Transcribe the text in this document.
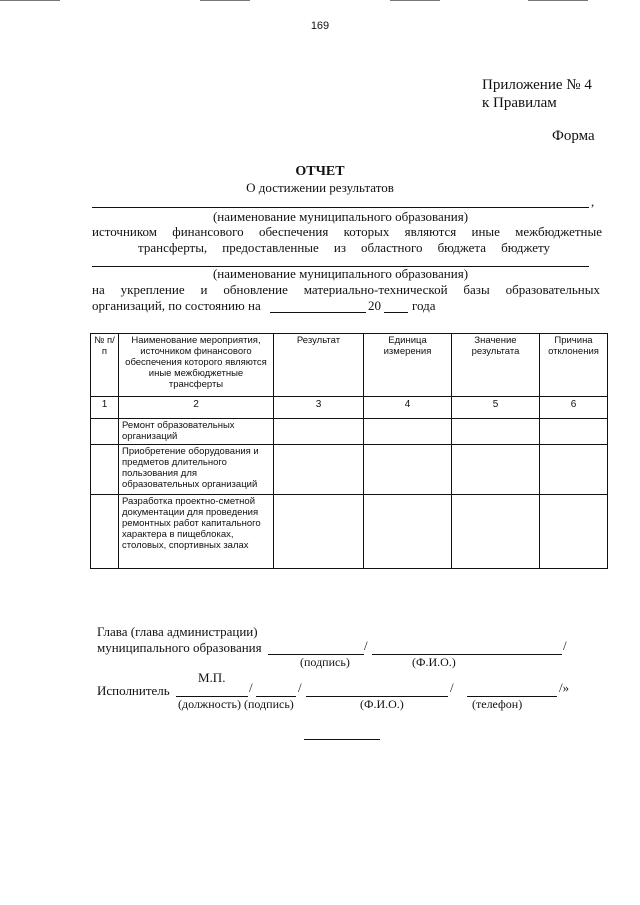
169
Приложение № 4
к Правилам
Форма
ОТЧЕТ
О достижении результатов
,
(наименование муниципального образования)
источником финансового обеспечения которых являются иные межбюджетные
трансферты, предоставленные из областного бюджета бюджету
(наименование муниципального образования)
на укрепление и обновление материально-технической базы образовательных
организаций, по состоянию на	20 года
№ п/п	Наименование мероприятия, источником финансового обеспечения которого являются иные межбюджетные трансферты	Результат	Единица измерения	Значение результата	Причина отклонения
1	2	3	4	5	6
	Ремонт образовательных организаций				
	Приобретение оборудования и предметов длительного пользования для образовательных организаций				
	Разработка проектно-сметной документации для проведения ремонтных работ капитального характера в пищеблоках, столовых, спортивных залах				
Глава (глава администрации)
муниципального образования	/	/
(подпись)	(Ф.И.О.)
М.П.
Исполнитель	/	/	/	/»
(должность) (подпись)	(Ф.И.О.)	(телефон)
